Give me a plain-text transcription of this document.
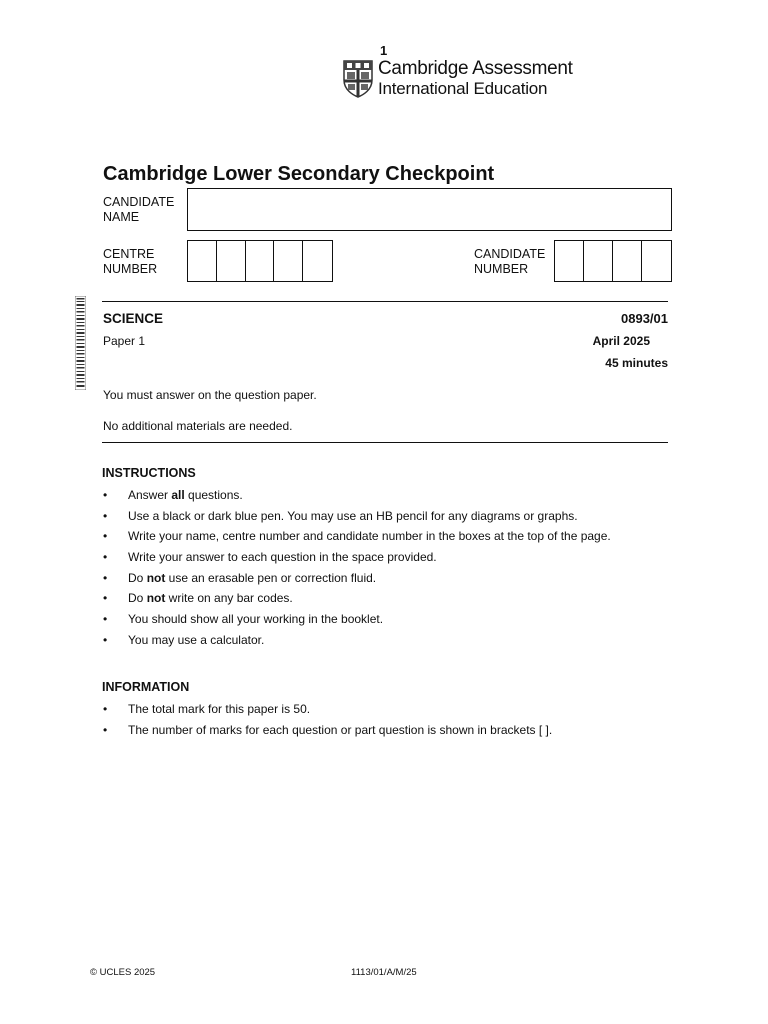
1
Cambridge Assessment
International Education
Cambridge Lower Secondary Checkpoint
CANDIDATE
NAME
CENTRE
NUMBER
CANDIDATE
NUMBER
SCIENCE	0893/01
Paper 1	April 2025
45 minutes
You must answer on the question paper.
No additional materials are needed.
INSTRUCTIONS
• Answer all questions.
• Use a black or dark blue pen. You may use an HB pencil for any diagrams or graphs.
• Write your name, centre number and candidate number in the boxes at the top of the page.
• Write your answer to each question in the space provided.
• Do not use an erasable pen or correction fluid.
• Do not write on any bar codes.
• You should show all your working in the booklet.
• You may use a calculator.
INFORMATION
• The total mark for this paper is 50.
• The number of marks for each question or part question is shown in brackets [ ].
© UCLES 2025	1113/01/A/M/25
